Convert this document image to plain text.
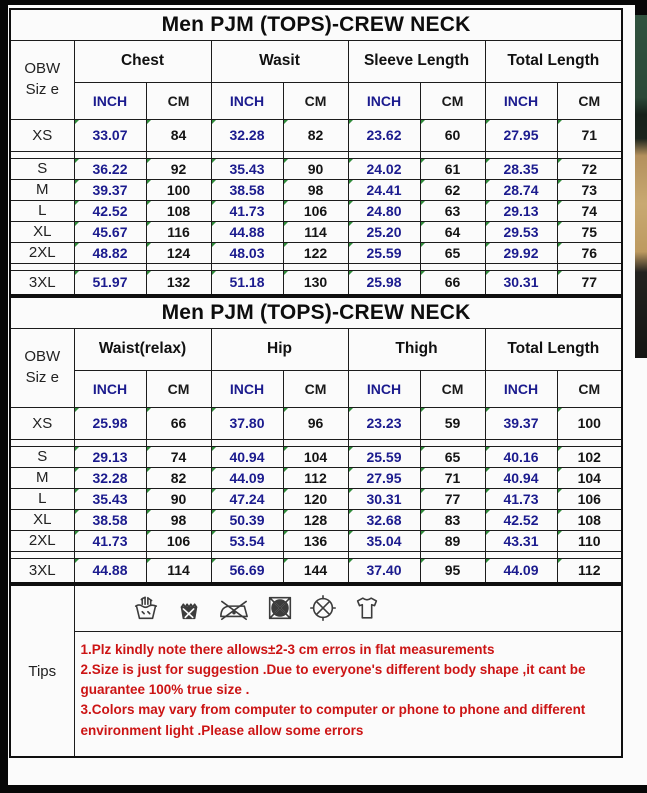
Men PJM (TOPS)-CREW NECK								

OBW
Siz e	Chest		Wasit		Sleeve Length		Total Length	
	INCH	CM	INCH	CM	INCH	CM	INCH	CM
XS	33.07	84	32.28	82	23.62	60	27.95	71

S	36.22	92	35.43	90	24.02	61	28.35	72
M	39.37	100	38.58	98	24.41	62	28.74	73
L	42.52	108	41.73	106	24.80	63	29.13	74
XL	45.67	116	44.88	114	25.20	64	29.53	75
2XL	48.82	124	48.03	122	25.59	65	29.92	76

3XL	51.97	132	51.18	130	25.98	66	30.31	77
Men PJM (TOPS)-CREW NECK								

OBW
Siz e	Waist(relax)		Hip		Thigh		Total Length	
	INCH	CM	INCH	CM	INCH	CM	INCH	CM
XS	25.98	66	37.80	96	23.23	59	39.37	100

S	29.13	74	40.94	104	25.59	65	40.16	102
M	32.28	82	44.09	112	27.95	71	40.94	104
L	35.43	90	47.24	120	30.31	77	41.73	106
XL	38.58	98	50.39	128	32.68	83	42.52	108
2XL	41.73	106	53.54	136	35.04	89	43.31	110

3XL	44.88	114	56.69	144	37.40	95	44.09	112
Tips	

1.Plz kindly note there allows±2-3 cm erros in flat measurements
2.Size is just for suggestion .Due to everyone's different body shape ,it cant be guarantee 100% true size .
3.Colors may vary from computer to computer or phone to phone and different environment light .Please allow some errors
